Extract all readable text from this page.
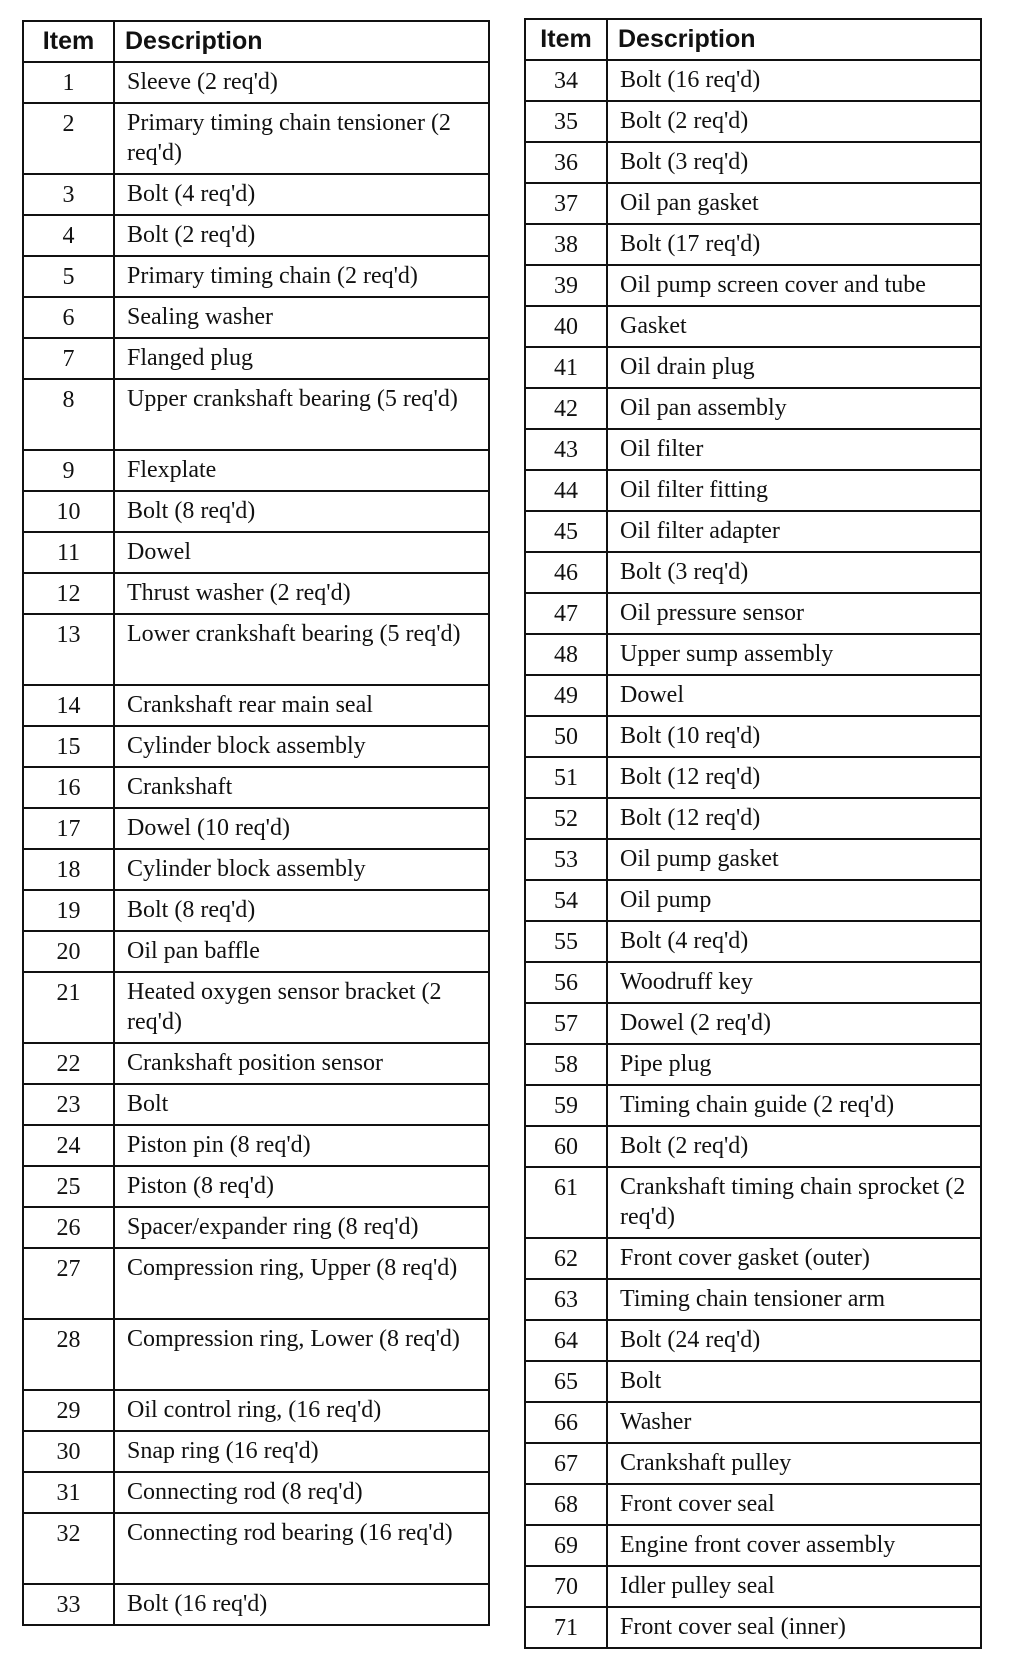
Item	Description
1	Sleeve (2 req'd)
2	Primary timing chain tensioner (2 req'd)
3	Bolt (4 req'd)
4	Bolt (2 req'd)
5	Primary timing chain (2 req'd)
6	Sealing washer
7	Flanged plug
8	Upper crankshaft bearing (5 req'd)
9	Flexplate
10	Bolt (8 req'd)
11	Dowel
12	Thrust washer (2 req'd)
13	Lower crankshaft bearing (5 req'd)
14	Crankshaft rear main seal
15	Cylinder block assembly
16	Crankshaft
17	Dowel (10 req'd)
18	Cylinder block assembly
19	Bolt (8 req'd)
20	Oil pan baffle
21	Heated oxygen sensor bracket (2 req'd)
22	Crankshaft position sensor
23	Bolt
24	Piston pin (8 req'd)
25	Piston (8 req'd)
26	Spacer/expander ring (8 req'd)
27	Compression ring, Upper (8 req'd)
28	Compression ring, Lower (8 req'd)
29	Oil control ring, (16 req'd)
30	Snap ring (16 req'd)
31	Connecting rod (8 req'd)
32	Connecting rod bearing (16 req'd)
33	Bolt (16 req'd)
Item	Description
34	Bolt (16 req'd)
35	Bolt (2 req'd)
36	Bolt (3 req'd)
37	Oil pan gasket
38	Bolt (17 req'd)
39	Oil pump screen cover and tube
40	Gasket
41	Oil drain plug
42	Oil pan assembly
43	Oil filter
44	Oil filter fitting
45	Oil filter adapter
46	Bolt (3 req'd)
47	Oil pressure sensor
48	Upper sump assembly
49	Dowel
50	Bolt (10 req'd)
51	Bolt (12 req'd)
52	Bolt (12 req'd)
53	Oil pump gasket
54	Oil pump
55	Bolt (4 req'd)
56	Woodruff key
57	Dowel (2 req'd)
58	Pipe plug
59	Timing chain guide (2 req'd)
60	Bolt (2 req'd)
61	Crankshaft timing chain sprocket (2 req'd)
62	Front cover gasket (outer)
63	Timing chain tensioner arm
64	Bolt (24 req'd)
65	Bolt
66	Washer
67	Crankshaft pulley
68	Front cover seal
69	Engine front cover assembly
70	Idler pulley seal
71	Front cover seal (inner)
